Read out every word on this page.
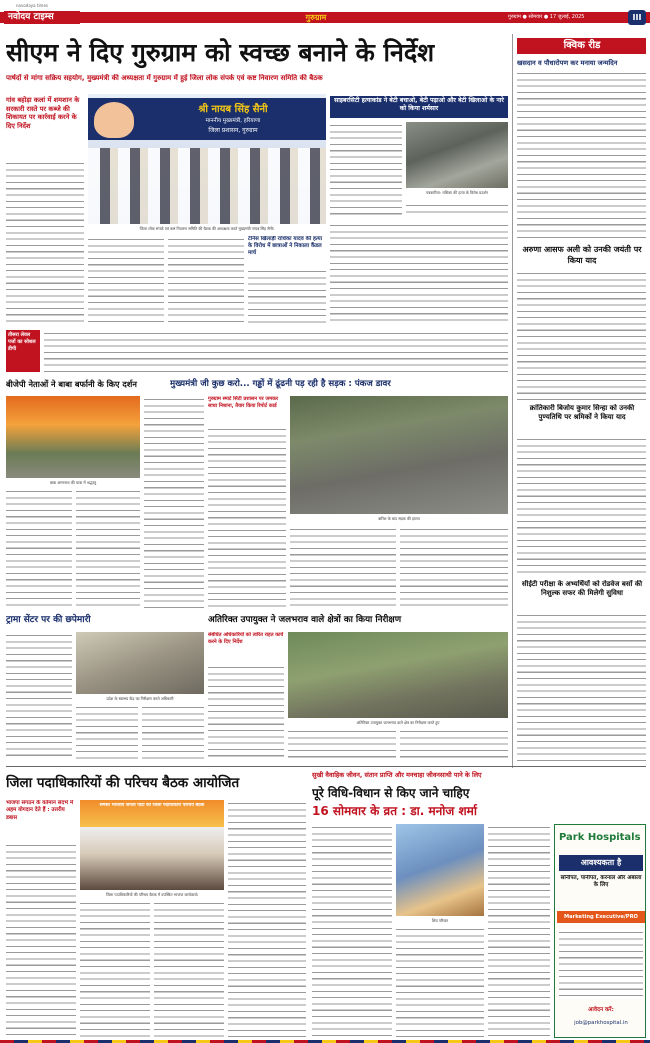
नवोदय टाइम्स
navodaya times
गुरुग्राम	गुरुग्राम ● सोमवार ● 17 जुलाई, 2025	III
सीएम ने दिए गुरुग्राम को स्वच्छ बनाने के निर्देश
पार्षदों से मांगा सक्रिय सहयोग, मुख्यमंत्री की अध्यक्षता में गुरुग्राम में हुई जिला लोक संपर्क एवं कष्ट निवारण समिति की बैठक
गांव बहोड़ा कलां में शमशान के सरकारी रास्ते पर कब्जे की शिकायत पर कार्रवाई करने के दिए निर्देश
श्री नायब सिंह सैनी
माननीय मुख्यमंत्री, हरियाणा
जिला प्रशासन, गुरुग्राम
जिला लोक संपर्क एवं कष्ट निवारण समिति की बैठक की अध्यक्षता करते मुख्यमंत्री नायब सिंह सैनी।
साइबरसिटी हत्याकांड ने बेटी बचाओ, बेटी पढ़ाओ और बेटी खिलाओ के नारे को किया शर्मसार
पत्रकारिता: राधिका की हत्या के विरोध प्रदर्शन
टेनिस खिलाड़ी राधिका यादव की हत्या के विरोध में छात्राओं ने निकाला कैंडल मार्च
तीसरा लेवल पत्तों का सोशल डीपी
बीजेपी नेताओं ने बाबा बर्फानी के किए दर्शन
बाबा अमरनाथ की यात्रा में श्रद्धालु
मुख्यमंत्री जी कुछ करो... गड्ढों में ढूंढनी पड़ रही है सड़क : पंकज डावर
गुरुग्राम स्मार्ट सिटी प्रशासन पर जमकर साधा निशाना, तैयार किया रिपोर्ट कार्ड
बारिश के बाद सड़क की हालत
ट्रामा सेंटर पर की छपेमारी
प्रदेश के स्वास्थ्य केंद्र का निरीक्षण करते अधिकारी
अतिरिक्त उपायुक्त ने जलभराव वाले क्षेत्रों का किया निरीक्षण
संबंधित अधिकारियों को त्वरित राहत कार्य करने के दिए निर्देश
अतिरिक्त उपायुक्त जलभराव वाले क्षेत्र का निरीक्षण करते हुए
क्विक रीड
खसदान व पौधारोपण कर मनाया जन्मदिन
अरुणा आसफ अली को उनकी जयंती पर किया याद
क्रांतिकारी बिजोय कुमार सिन्हा को उनकी पुण्यतिथि पर श्रमिकों ने किया याद
सीईटी परीक्षा के अभ्यर्थियों को रोडवेज बसों की निशुल्क सफर की मिलेगी सुविधा
जिला पदाधिकारियों की परिचय बैठक आयोजित
भाजपा संगठन के वर्तमान संदर्भ में अहम योगदान देते हैं : उत्तरीय डबास
समस्त भारतीय जनता पार्टी का जिला पदाधिकारी परिचय बैठक
जिला पदाधिकारियों की परिचय बैठक में उपस्थित भाजपा कार्यकर्ता।
सुखी वैवाहिक जीवन, संतान प्राप्ति और मनचाहा जीवनसाथी पाने के लिए
पूरे विधि-विधान से किए जाने चाहिए
16 सोमवार के व्रत : डा. मनोज शर्मा
शिव परिवार
Park Hospitals
आवश्यकता है
सोनीपत, पानीपत, करनाल और अंबाला के लिए
Marketing Executive/PRO
आवेदन करें:
job@parkhospital.in
